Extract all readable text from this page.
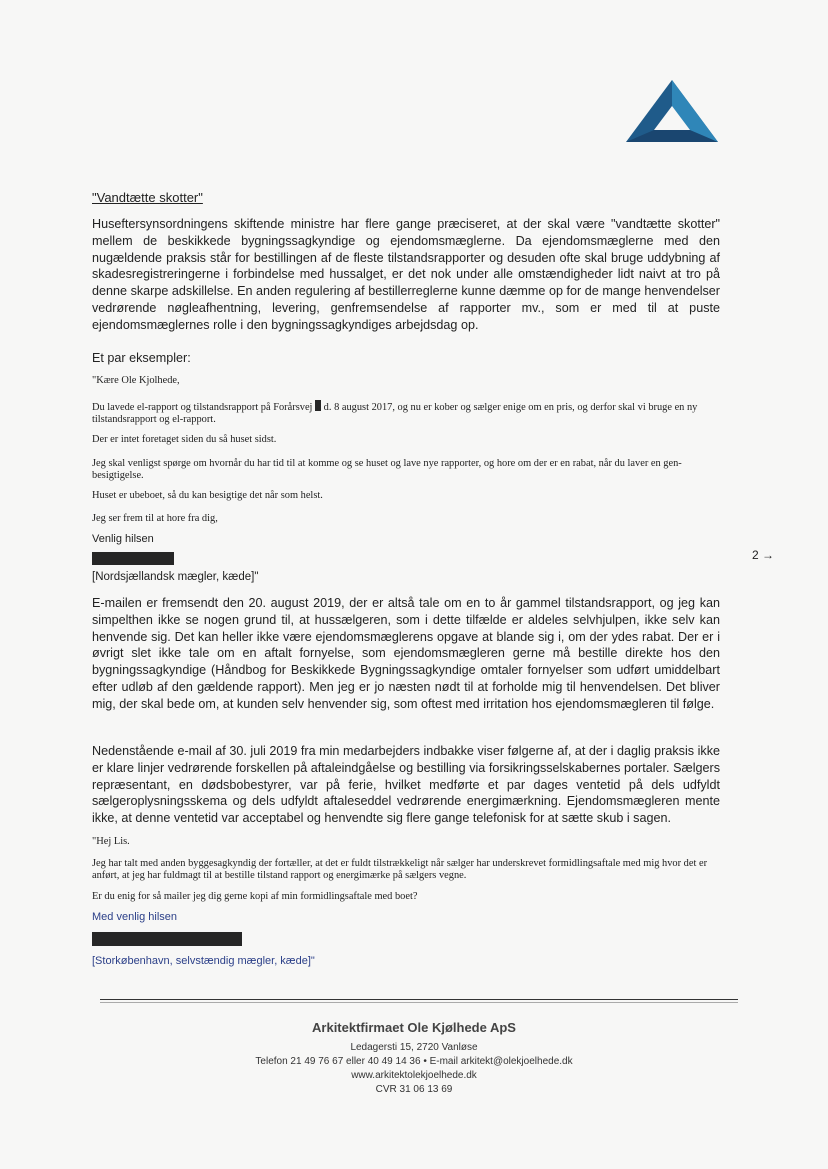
"Vandtætte skotter"
Huseftersynsordningens skiftende ministre har flere gange præciseret, at der skal være "vandtætte skotter" mellem de beskikkede bygningssagkyndige og ejendomsmæglerne. Da ejendomsmæglerne med den nugældende praksis står for bestillingen af de fleste tilstandsrapporter og desuden ofte skal bruge uddybning af skadesregistreringerne i forbindelse med hussalget, er det nok under alle omstændigheder lidt naivt at tro på denne skarpe adskillelse. En anden regulering af bestillerreglerne kunne dæmme op for de mange henvendelser vedrørende nøgleafhentning, levering, genfremsendelse af rapporter mv., som er med til at puste ejendomsmæglernes rolle i den bygningssagkyndiges arbejdsdag op.
Et par eksempler:
"Kære Ole Kjolhede,
Du lavede el-rapport og tilstandsrapport på Forårsvej d. 8 august 2017, og nu er kober og sælger enige om en pris, og derfor skal vi bruge en ny tilstandsrapport og el-rapport.
Der er intet foretaget siden du så huset sidst.
Jeg skal venligst spørge om hvornår du har tid til at komme og se huset og lave nye rapporter, og hore om der er en rabat, når du laver en gen-besigtigelse.
Huset er ubeboet, så du kan besigtige det når som helst.
Jeg ser frem til at hore fra dig,
Venlig hilsen
[Nordsjællandsk mægler, kæde]"
2 →
E-mailen er fremsendt den 20. august 2019, der er altså tale om en to år gammel tilstandsrapport, og jeg kan simpelthen ikke se nogen grund til, at hussælgeren, som i dette tilfælde er aldeles selvhjulpen, ikke selv kan henvende sig. Det kan heller ikke være ejendomsmæglerens opgave at blande sig i, om der ydes rabat. Der er i øvrigt slet ikke tale om en aftalt fornyelse, som ejendomsmægleren gerne må bestille direkte hos den bygningssagkyndige (Håndbog for Beskikkede Bygningssagkyndige omtaler fornyelser som udført umiddelbart efter udløb af den gældende rapport). Men jeg er jo næsten nødt til at forholde mig til henvendelsen. Det bliver mig, der skal bede om, at kunden selv henvender sig, som oftest med irritation hos ejendomsmægleren til følge.
Nedenstående e-mail af 30. juli 2019 fra min medarbejders indbakke viser følgerne af, at der i daglig praksis ikke er klare linjer vedrørende forskellen på aftaleindgåelse og bestilling via forsikringsselskabernes portaler. Sælgers repræsentant, en dødsbobestyrer, var på ferie, hvilket medførte et par dages ventetid på dels udfyldt sælgeroplysningsskema og dels udfyldt aftaleseddel vedrørende energimærkning. Ejendomsmægleren mente ikke, at denne ventetid var acceptabel og henvendte sig flere gange telefonisk for at sætte skub i sagen.
"Hej Lis.
Jeg har talt med anden byggesagkyndig der fortæller, at det er fuldt tilstrækkeligt når sælger har underskrevet formidlingsaftale med mig hvor det er anført, at jeg har fuldmagt til at bestille tilstand rapport og energimærke på sælgers vegne.
Er du enig for så mailer jeg dig gerne kopi af min formidlingsaftale med boet?
Med venlig hilsen
[Storkøbenhavn, selvstændig mægler, kæde]"
Arkitektfirmaet Ole Kjølhede ApS
Ledagersti 15, 2720 Vanløse
Telefon 21 49 76 67 eller 40 49 14 36 • E-mail arkitekt@olekjoelhede.dk
www.arkitektolekjoelhede.dk
CVR 31 06 13 69
